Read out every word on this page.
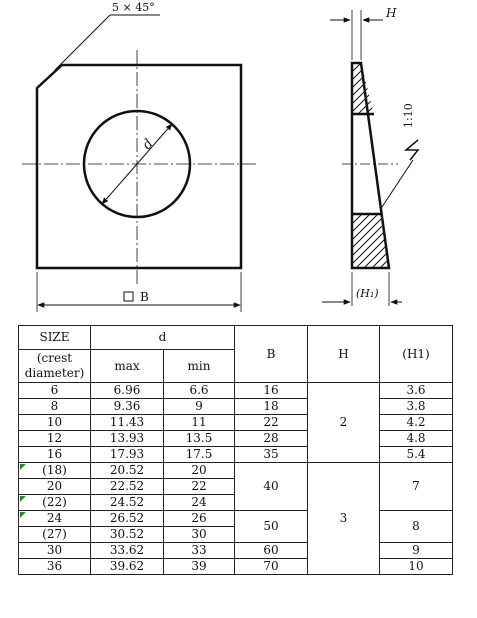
5 × 45°
d
B
H
1:10
(H₁)
SIZE	d		B	H	(H1)
(crest diameter)	max	min			
6	6.96	6.6	16	2	3.6
8	9.36	9	18		3.8
10	11.43	11	22		4.2
12	13.93	13.5	28		4.8
16	17.93	17.5	35		5.4
(18)	20.52	20	40	3	7
20	22.52	22			
(22)	24.52	24			
24	26.52	26	50		8
(27)	30.52	30			
30	33.62	33	60		9
36	39.62	39	70		10
